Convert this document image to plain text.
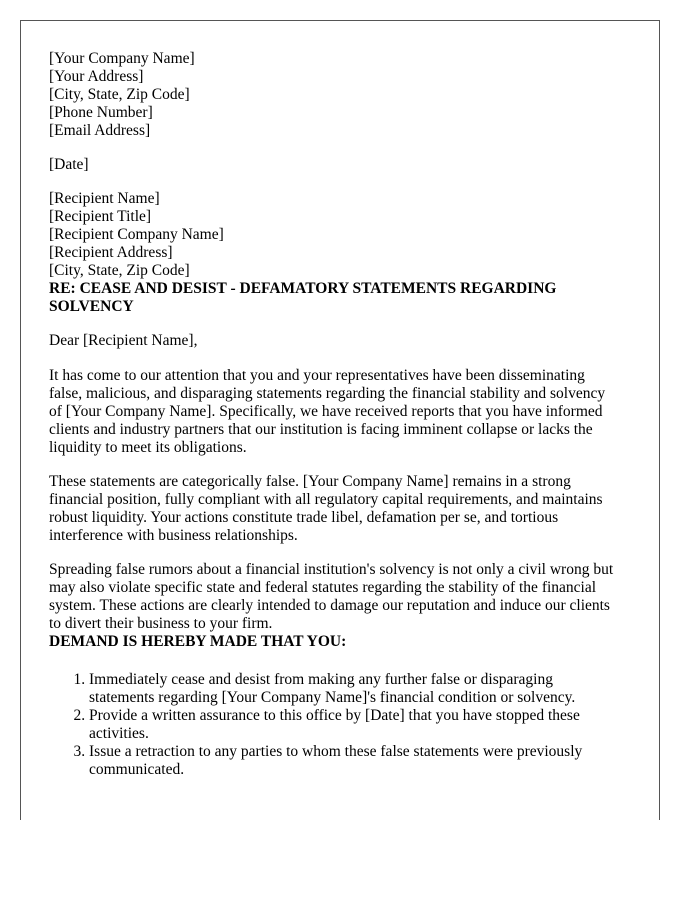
[Your Company Name]
[Your Address]
[City, State, Zip Code]
[Phone Number]
[Email Address]
[Date]
[Recipient Name]
[Recipient Title]
[Recipient Company Name]
[Recipient Address]
[City, State, Zip Code]
RE: CEASE AND DESIST - DEFAMATORY STATEMENTS REGARDING
SOLVENCY

Dear [Recipient Name],

It has come to our attention that you and your representatives have been disseminating
false, malicious, and disparaging statements regarding the financial stability and solvency
of [Your Company Name]. Specifically, we have received reports that you have informed
clients and industry partners that our institution is facing imminent collapse or lacks the
liquidity to meet its obligations.

These statements are categorically false. [Your Company Name] remains in a strong
financial position, fully compliant with all regulatory capital requirements, and maintains
robust liquidity. Your actions constitute trade libel, defamation per se, and tortious
interference with business relationships.

Spreading false rumors about a financial institution's solvency is not only a civil wrong but
may also violate specific state and federal statutes regarding the stability of the financial
system. These actions are clearly intended to damage our reputation and induce our clients
to divert their business to your firm.

DEMAND IS HEREBY MADE THAT YOU:
1. Immediately cease and desist from making any further false or disparaging
statements regarding [Your Company Name]'s financial condition or solvency.
2. Provide a written assurance to this office by [Date] that you have stopped these
activities.
3. Issue a retraction to any parties to whom these false statements were previously
communicated.
